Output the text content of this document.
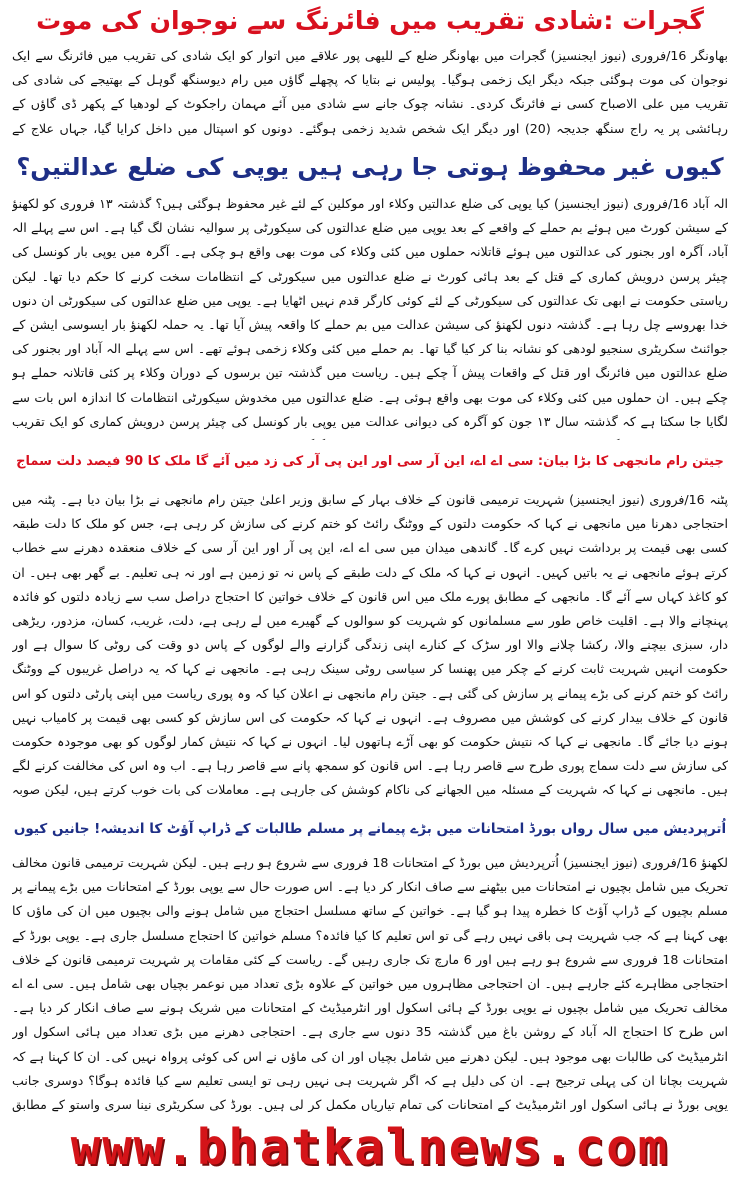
گجرات :شادی تقریب میں فائرنگ سے نوجوان کی موت

بھاونگر 16/فروری (نیوز ایجنسیز) گجرات میں بھاونگر ضلع کے للیھی پور علاقے میں اتوار کو ایک شادی کی تقریب میں فائرنگ سے ایک نوجوان کی موت ہوگئی جبکہ دیگر ایک زخمی ہوگیا۔ پولیس نے بتایا کہ پچھلے گاؤں میں رام دیوسنگھ گوہل کے بھتیجے کی شادی کی تقریب میں علی الاصباح کسی نے فائرنگ کردی۔ نشانہ چوک جانے سے شادی میں آئے مہمان راجکوٹ کے لودھیا کے پکھر ڈی گاؤں کے رہائشی پر یہ راج سنگھ جدیجہ (20) اور دیگر ایک شخص شدید زخمی ہوگئے۔ دونوں کو اسپتال میں داخل کرایا گیا، جہاں علاج کے

کیوں غیر محفوظ ہوتی جا رہی ہیں یوپی کی ضلع عدالتیں؟

الہ آباد 16/فروری (نیوز ایجنسیز) کیا یوپی کی ضلع عدالتیں وکلاء اور موکلین کے لئے غیر محفوظ ہوگئی ہیں؟ گذشتہ ۱۳ فروری کو لکھنؤ کے سیشن کورٹ میں ہوئے بم حملے کے واقعے کے بعد یوپی میں ضلع عدالتوں کی سیکورٹی پر سوالیہ نشان لگ گیا ہے۔ اس سے پہلے الہ آباد، آگرہ اور بجنور کی عدالتوں میں ہوئے قاتلانہ حملوں میں کئی وکلاء کی موت بھی واقع ہو چکی ہے۔ آگرہ میں یوپی بار کونسل کی چیئر پرسن درویش کماری کے قتل کے بعد ہائی کورٹ نے ضلع عدالتوں میں سیکورٹی کے انتظامات سخت کرنے کا حکم دیا تھا۔ لیکن ریاستی حکومت نے ابھی تک عدالتوں کی سیکورٹی کے لئے کوئی کارگر قدم نہیں اٹھایا ہے۔ یوپی میں ضلع عدالتوں کی سیکورٹی ان دنوں خدا بھروسے چل رہا ہے۔ گذشتہ دنوں لکھنؤ کی سیشن عدالت میں بم حملے کا واقعہ پیش آیا تھا۔ یہ حملہ لکھنؤ بار ایسوسی ایشن کے جوائنٹ سکریٹری سنجیو لودھی کو نشانہ بنا کر کیا گیا تھا۔ بم حملے میں کئی وکلاء زخمی ہوئے تھے۔ اس سے پہلے الہ آباد اور بجنور کی ضلع عدالتوں میں فائرنگ اور قتل کے واقعات پیش آ چکے ہیں۔ ریاست میں گذشتہ تین برسوں کے دوران وکلاء پر کئی قاتلانہ حملے ہو چکے ہیں۔ ان حملوں میں کئی وکلاء کی موت بھی واقع ہوئی ہے۔ ضلع عدالتوں میں مخدوش سیکورٹی انتظامات کا اندازہ اس بات سے لگایا جا سکتا ہے کہ گذشتہ سال ۱۳ جون کو آگرہ کی دیوانی عدالت میں یوپی بار کونسل کی چیئر پرسن درویش کماری کو ایک تقریب

جیتن رام مانجھی کا بڑا بیان: سی اے اے، این آر سی اور این پی آر کی زد میں آئے گا ملک کا 90 فیصد دلت سماج

پٹنہ 16/فروری (نیوز ایجنسیز) شہریت ترمیمی قانون کے خلاف بہار کے سابق وزیر اعلیٰ جیتن رام مانجھی نے بڑا بیان دیا ہے۔ پٹنہ میں احتجاجی دھرنا میں مانجھی نے کہا کہ حکومت دلتوں کے ووٹنگ رائٹ کو ختم کرنے کی سازش کر رہی ہے، جس کو ملک کا دلت طبقہ کسی بھی قیمت پر برداشت نہیں کرے گا۔ گاندھی میدان میں سی اے اے، این پی آر اور این آر سی کے خلاف منعقدہ دھرنے سے خطاب کرتے ہوئے مانجھی نے یہ باتیں کہیں۔ انہوں نے کہا کہ ملک کے دلت طبقے کے پاس نہ تو زمین ہے اور نہ ہی تعلیم۔ بے گھر بھی ہیں۔ ان کو کاغذ کہاں سے آئے گا۔ مانجھی کے مطابق پورے ملک میں اس قانون کے خلاف خواتین کا احتجاج دراصل سب سے زیادہ دلتوں کو فائدہ پہنچانے والا ہے۔ اقلیت خاص طور سے مسلمانوں کو شہریت کو سوالوں کے گھیرے میں لے رہی ہے، دلت، غریب، کسان، مزدور، ریڑھی دار، سبزی بیچنے والا، رکشا چلانے والا اور سڑک کے کنارے اپنی زندگی گزارنے والے لوگوں کے پاس دو وقت کی روٹی کا سوال ہے اور حکومت انہیں شہریت ثابت کرنے کے چکر میں پھنسا کر سیاسی روٹی سینک رہی ہے۔ مانجھی نے کہا کہ یہ دراصل غریبوں کے ووٹنگ رائٹ کو ختم کرنے کی بڑے پیمانے پر سازش کی گئی ہے۔ جیتن رام مانجھی نے اعلان کیا کہ وہ پوری ریاست میں اپنی پارٹی دلتوں کو اس قانون کے خلاف بیدار کرنے کی کوشش میں مصروف ہے۔ انہوں نے کہا کہ حکومت کی اس سازش کو کسی بھی قیمت پر کامیاب نہیں ہونے دیا جائے گا۔ مانجھی نے کہا کہ نتیش حکومت کو بھی آڑے ہاتھوں لیا۔ انہوں نے کہا کہ نتیش کمار لوگوں کو بھی موجودہ حکومت کی سازش سے دلت سماج پوری طرح سے قاصر رہا ہے۔ اس قانون کو سمجھ پانے سے قاصر رہا ہے۔ اب وہ اس کی مخالفت کرنے لگے ہیں۔ مانجھی نے کہا کہ شہریت کے مسئلہ میں الجھانے کی ناکام کوشش کی جارہی ہے۔ معاملات کی بات خوب کرتے ہیں، لیکن صوبہ

اُترپردیش میں سال رواں بورڈ امتحانات میں بڑے پیمانے پر مسلم طالبات کے ڈراپ آؤٹ کا اندیشہ! جانیں کیوں

لکھنؤ 16/فروری (نیوز ایجنسیز) اُترپردیش میں بورڈ کے امتحانات 18 فروری سے شروع ہو رہے ہیں۔ لیکن شہریت ترمیمی قانون مخالف تحریک میں شامل بچیوں نے امتحانات میں بیٹھنے سے صاف انکار کر دیا ہے۔ اس صورت حال سے یوپی بورڈ کے امتحانات میں بڑے پیمانے پر مسلم بچیوں کے ڈراپ آؤٹ کا خطرہ پیدا ہو گیا ہے۔ خواتین کے ساتھ مسلسل احتجاج میں شامل ہونے والی بچیوں میں ان کی ماؤں کا بھی کہنا ہے کہ جب شہریت ہی باقی نہیں رہے گی تو اس تعلیم کا کیا فائدہ؟ مسلم خواتین کا احتجاج مسلسل جاری ہے۔ یوپی بورڈ کے امتحانات 18 فروری سے شروع ہو رہے ہیں اور 6 مارچ تک جاری رہیں گے۔ ریاست کے کئی مقامات پر شہریت ترمیمی قانون کے خلاف احتجاجی مظاہرے کئے جارہے ہیں۔ ان احتجاجی مظاہروں میں خواتین کے علاوہ بڑی تعداد میں نوعمر بچیاں بھی شامل ہیں۔ سی اے اے مخالف تحریک میں شامل بچیوں نے یوپی بورڈ کے ہائی اسکول اور انٹرمیڈیٹ کے امتحانات میں شریک ہونے سے صاف انکار کر دیا ہے۔ اس طرح کا احتجاج الہ آباد کے روشن باغ میں گذشتہ 35 دنوں سے جاری ہے۔ احتجاجی دھرنے میں بڑی تعداد میں ہائی اسکول اور انٹرمیڈیٹ کی طالبات بھی موجود ہیں۔ لیکن دھرنے میں شامل بچیاں اور ان کی ماؤں نے اس کی کوئی پرواہ نہیں کی۔ ان کا کہنا ہے کہ شہریت بچانا ان کی پہلی ترجیح ہے۔ ان کی دلیل ہے کہ اگر شہریت ہی نہیں رہی تو ایسی تعلیم سے کیا فائدہ ہوگا؟ دوسری جانب یوپی بورڈ نے ہائی اسکول اور انٹرمیڈیٹ کے امتحانات کی تمام تیاریاں مکمل کر لی ہیں۔ بورڈ کی سکریٹری نینا سری واستو کے مطابق

www.bhatkalnews.com
